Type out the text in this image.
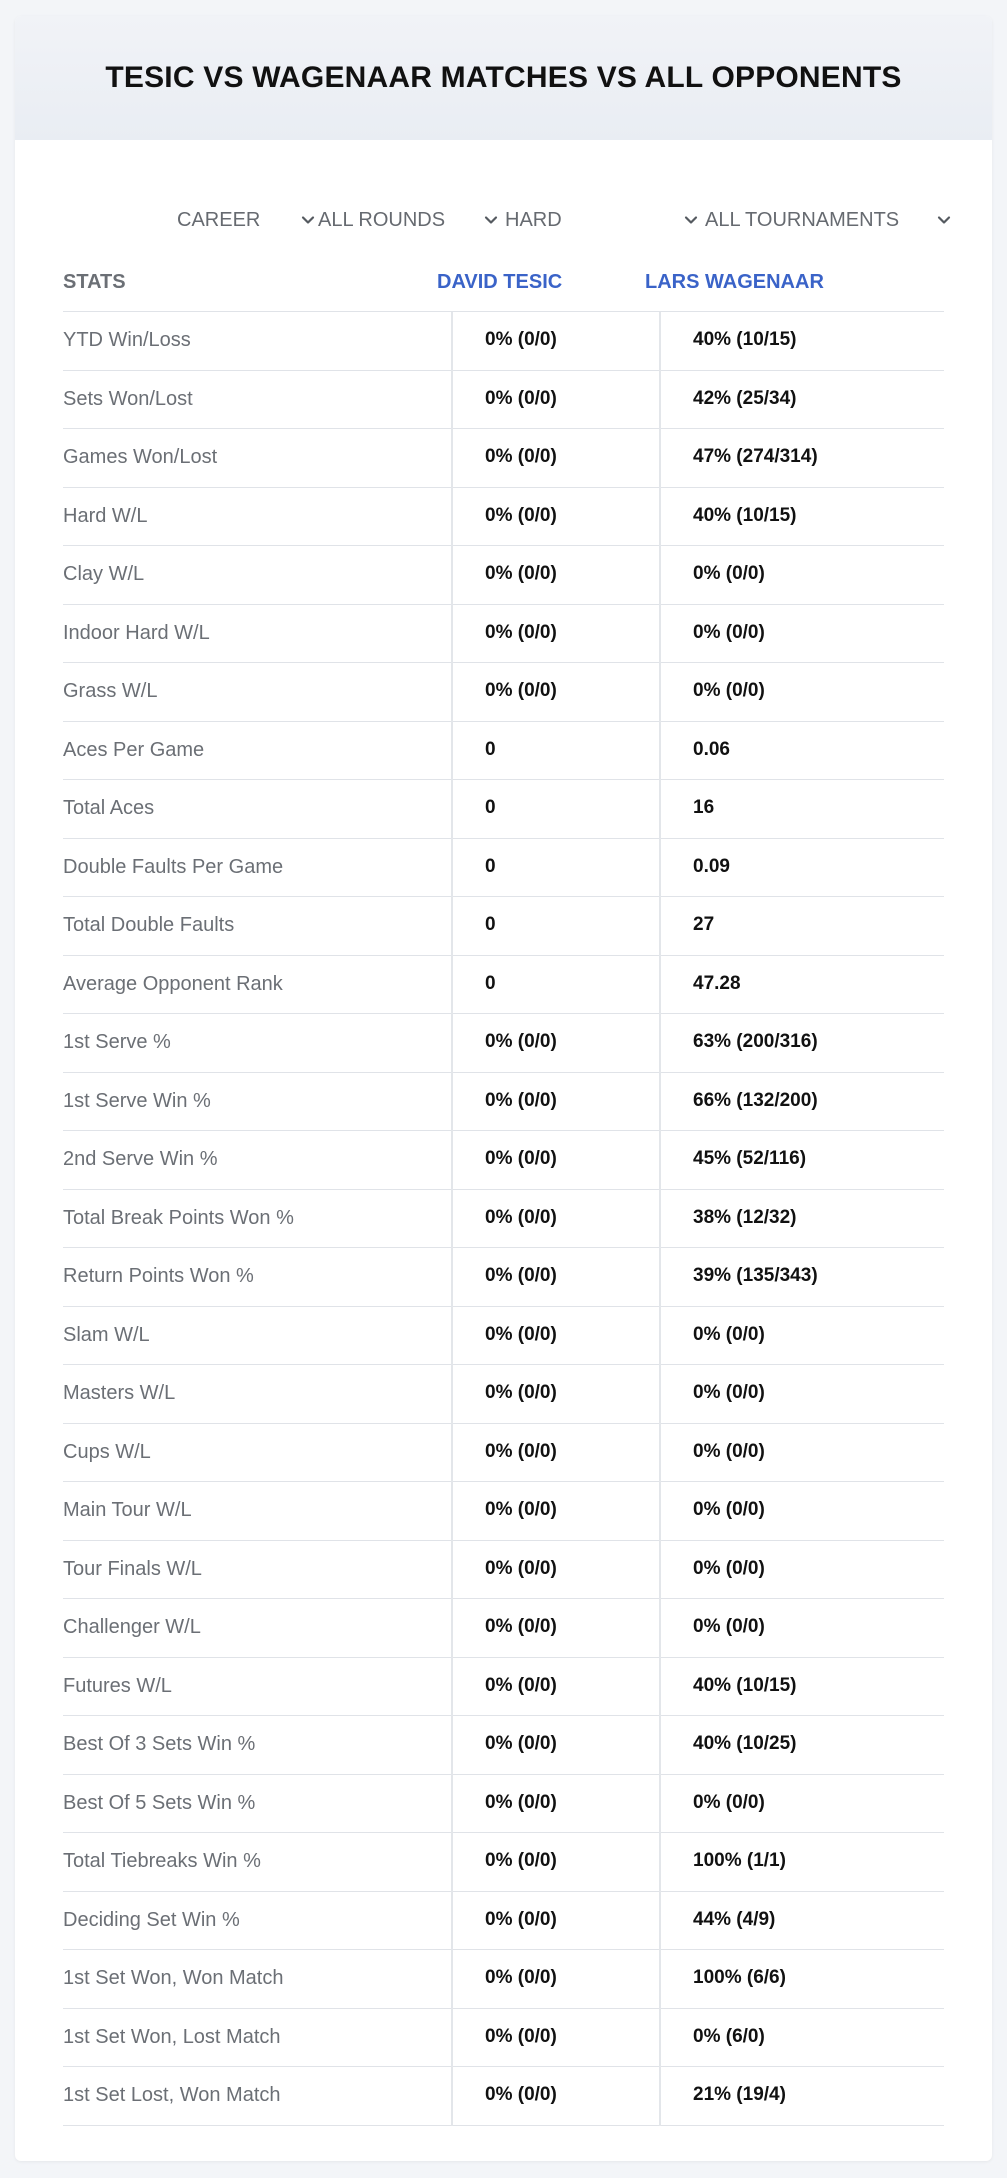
TESIC VS WAGENAAR MATCHES VS ALL OPPONENTS
CAREER	ALL ROUNDS	HARD	ALL TOURNAMENTS
STATS	DAVID TESIC	LARS WAGENAAR
YTD Win/Loss	0% (0/0)	40% (10/15)
Sets Won/Lost	0% (0/0)	42% (25/34)
Games Won/Lost	0% (0/0)	47% (274/314)
Hard W/L	0% (0/0)	40% (10/15)
Clay W/L	0% (0/0)	0% (0/0)
Indoor Hard W/L	0% (0/0)	0% (0/0)
Grass W/L	0% (0/0)	0% (0/0)
Aces Per Game	0	0.06
Total Aces	0	16
Double Faults Per Game	0	0.09
Total Double Faults	0	27
Average Opponent Rank	0	47.28
1st Serve %	0% (0/0)	63% (200/316)
1st Serve Win %	0% (0/0)	66% (132/200)
2nd Serve Win %	0% (0/0)	45% (52/116)
Total Break Points Won %	0% (0/0)	38% (12/32)
Return Points Won %	0% (0/0)	39% (135/343)
Slam W/L	0% (0/0)	0% (0/0)
Masters W/L	0% (0/0)	0% (0/0)
Cups W/L	0% (0/0)	0% (0/0)
Main Tour W/L	0% (0/0)	0% (0/0)
Tour Finals W/L	0% (0/0)	0% (0/0)
Challenger W/L	0% (0/0)	0% (0/0)
Futures W/L	0% (0/0)	40% (10/15)
Best Of 3 Sets Win %	0% (0/0)	40% (10/25)
Best Of 5 Sets Win %	0% (0/0)	0% (0/0)
Total Tiebreaks Win %	0% (0/0)	100% (1/1)
Deciding Set Win %	0% (0/0)	44% (4/9)
1st Set Won, Won Match	0% (0/0)	100% (6/6)
1st Set Won, Lost Match	0% (0/0)	0% (6/0)
1st Set Lost, Won Match	0% (0/0)	21% (19/4)
